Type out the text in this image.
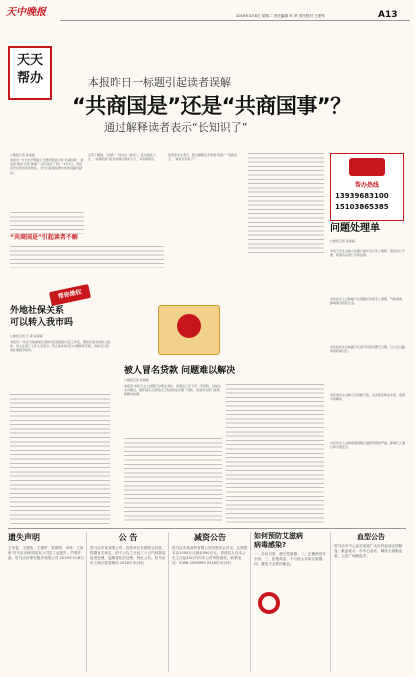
天中晚报	2016年3月8日 星期二 责任编辑 肖 昂 责任校对 王建军	A13
天天
帮办	本报昨日一标题引起读者误解
“共商国是”还是“共商国事”？
通过解释读者表示“长知识了”
□晚报记者 孙丽娟
本报讯 “今天的平舆版上刊登的题目中有‘共商国是’，到底是‘国是’还是‘国事’？是写错字了吗？”3月7日，市民李先生致电本报热线，对当日版面标题中的用词提出疑问。
“共商国是”引起读者不解
记者了解到，“国是”一词出自《新序》，意为国家大计，“共商国是”指共同商讨国家大计，并非错别字。
读者李先生表示，经过解释后才知道“国是”一词的含义，“真是长知识了”。
帮你维权
帮办热线
13939683100
15103865385
问题处理单
□晚报记者 孙丽娟
市民王先生反映小区路灯损坏多日无人维修，夜间出行不便，希望有关部门尽快处理。
市民孙女士反映楼下垃圾箱长时间无人清理，气味难闻，影响周边居民生活。
市民赵先生反映路口红绿灯时间设置不合理，行人过马路等待时间过长。
市民周先生反映小区供暖不热，多次联系物业未果，希望尽快解决。
市民吴女士反映街道两侧占道经营现象严重，影响行人通行和交通安全。
外地社保关系
可以转入我市吗
□晚报记者 王 敏 孙丽娟
本报讯 一些在外地参加社保的市民回到驻马店工作后，想把社保关系转入我市。市人社部门工作人员表示，符合条件的可以办理转移手续，具体可以咨询社保经办机构。
被人冒名贷款 问题难以解决
□晚报记者 孙丽娟
本报讯 市民王女士到银行办理业务时，发现自己名下有一笔贷款，但她从未办理过。她怀疑有人冒用自己的身份证办理了贷款，希望有关部门能帮助解决此事。
遗失声明
王争春、王德伟、王德军、张保锋、李炜、王世豪 驻马店市保安服务公司员工证遗失，声明作废。驻马店市保安服务有限公司 2016年3月8日
公 告
驻马店市某有限公司：因你单位长期停止经营，根据有关规定，请于公告之日起三十日内到我局接受处理，逾期将依法处理。特此公告。驻马店市工商行政管理局 2016年3月8日
减资公告
驻马店市某商贸有限公司经股东会决议，注册资本由1000万元减至500万元。请债权人自本公告之日起45日内向本公司申报债权。联系电话：0396-2906999 2016年3月8日
如何预防艾滋病
病毒感染?
一、洁身自爱，遵守性道德；二、正确使用安全套；三、拒绝毒品，不与他人共用注射器；四、避免不必要的输血。
血型公告
驻马店市中心血站欢迎广大市民参加无偿献血。献血地点：市中心血站、解放大道献血屋、人民广场献血车。
